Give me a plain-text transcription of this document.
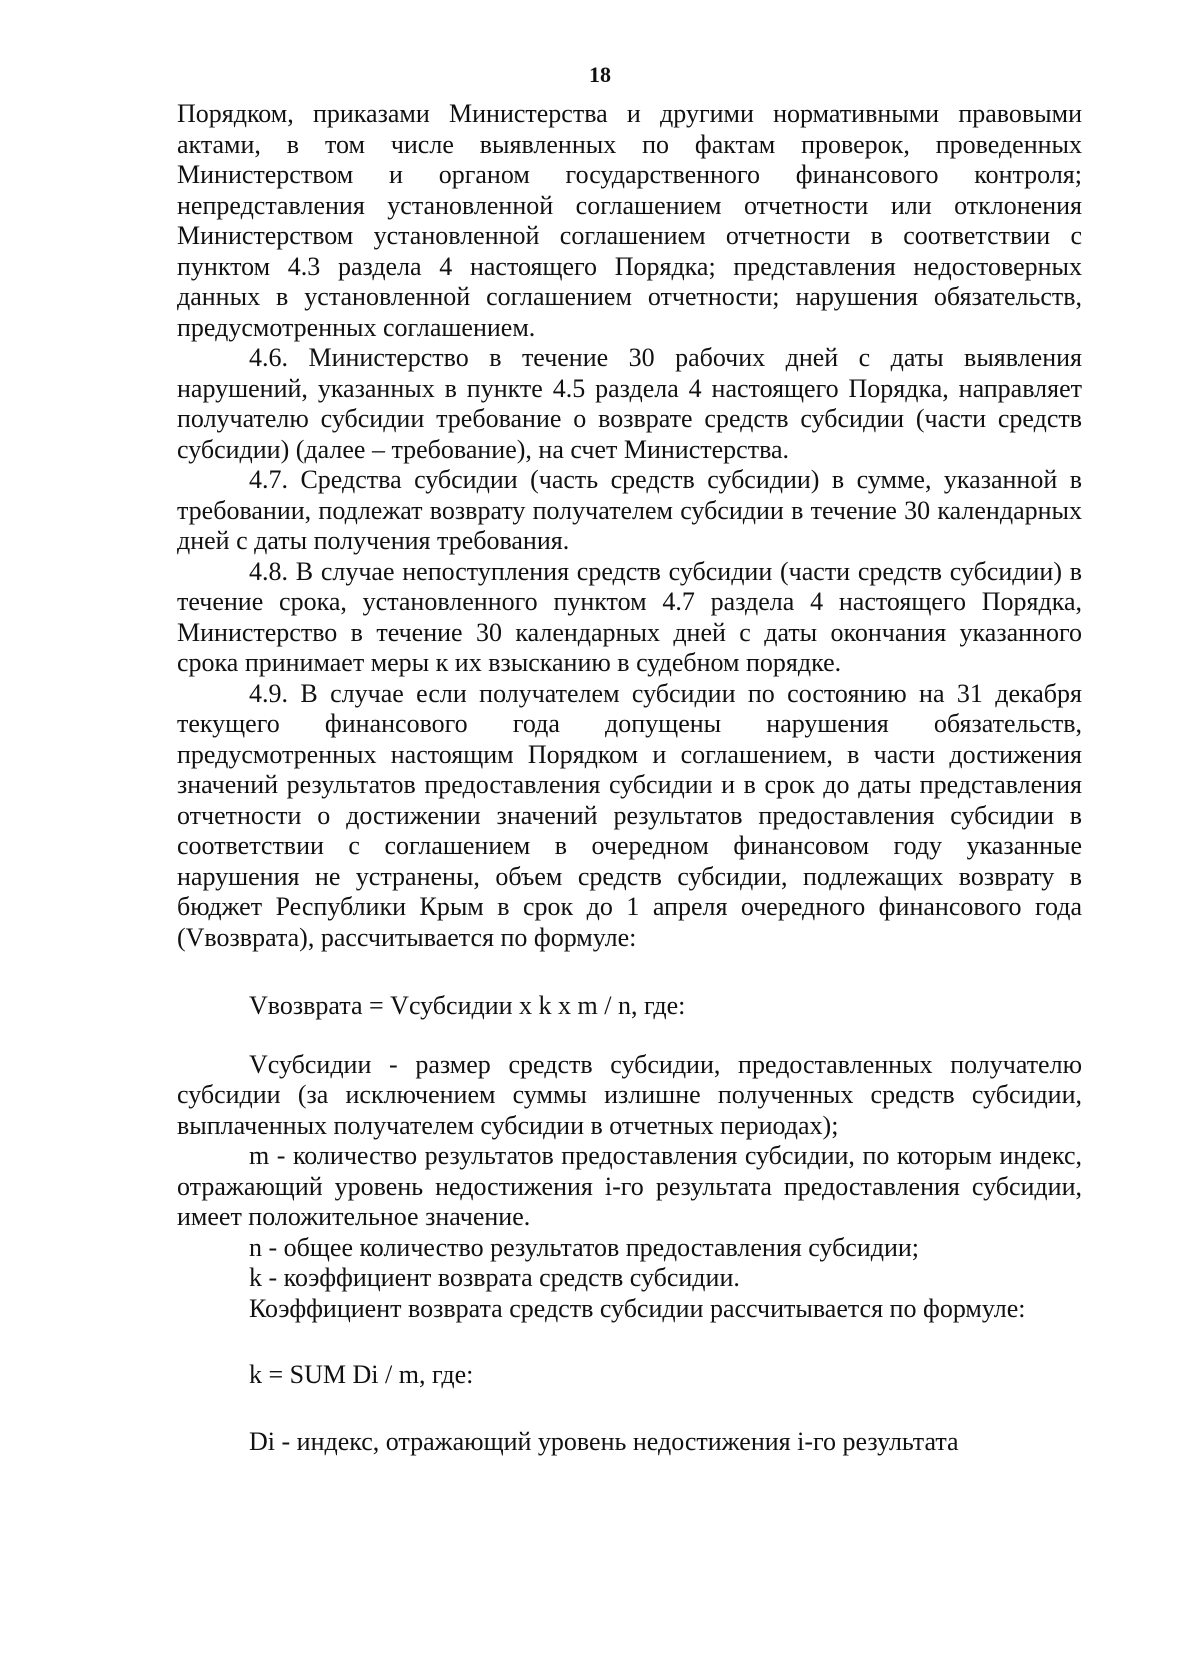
18

Порядком, приказами Министерства и другими нормативными правовыми актами, в том числе выявленных по фактам проверок, проведенных Министерством и органом государственного финансового контроля; непредставления установленной соглашением отчетности или отклонения Министерством установленной соглашением отчетности в соответствии с пунктом 4.3 раздела 4 настоящего Порядка; представления недостоверных данных в установленной соглашением отчетности; нарушения обязательств, предусмотренных соглашением.

4.6. Министерство в течение 30 рабочих дней с даты выявления нарушений, указанных в пункте 4.5 раздела 4 настоящего Порядка, направляет получателю субсидии требование о возврате средств субсидии (части средств субсидии) (далее – требование), на счет Министерства.

4.7. Средства субсидии (часть средств субсидии) в сумме, указанной в требовании, подлежат возврату получателем субсидии в течение 30 календарных дней с даты получения требования.

4.8. В случае непоступления средств субсидии (части средств субсидии) в течение срока, установленного пунктом 4.7 раздела 4 настоящего Порядка, Министерство в течение 30 календарных дней с даты окончания указанного срока принимает меры к их взысканию в судебном порядке.

4.9. В случае если получателем субсидии по состоянию на 31 декабря текущего финансового года допущены нарушения обязательств, предусмотренных настоящим Порядком и соглашением, в части достижения значений результатов предоставления субсидии и в срок до даты представления отчетности о достижении значений результатов предоставления субсидии в соответствии с соглашением в очередном финансовом году указанные нарушения не устранены, объем средств субсидии, подлежащих возврату в бюджет Республики Крым в срок до 1 апреля очередного финансового года (Vвозврата), рассчитывается по формуле:

Vвозврата = Vсубсидии x k x m / n, где:

Vсубсидии - размер средств субсидии, предоставленных получателю субсидии (за исключением суммы излишне полученных средств субсидии, выплаченных получателем субсидии в отчетных периодах);

m - количество результатов предоставления субсидии, по которым индекс, отражающий уровень недостижения i-го результата предоставления субсидии, имеет положительное значение.

n - общее количество результатов предоставления субсидии;

k - коэффициент возврата средств субсидии.

Коэффициент возврата средств субсидии рассчитывается по формуле:

k = SUM Di / m, где:

Di - индекс, отражающий уровень недостижения i-го результата
